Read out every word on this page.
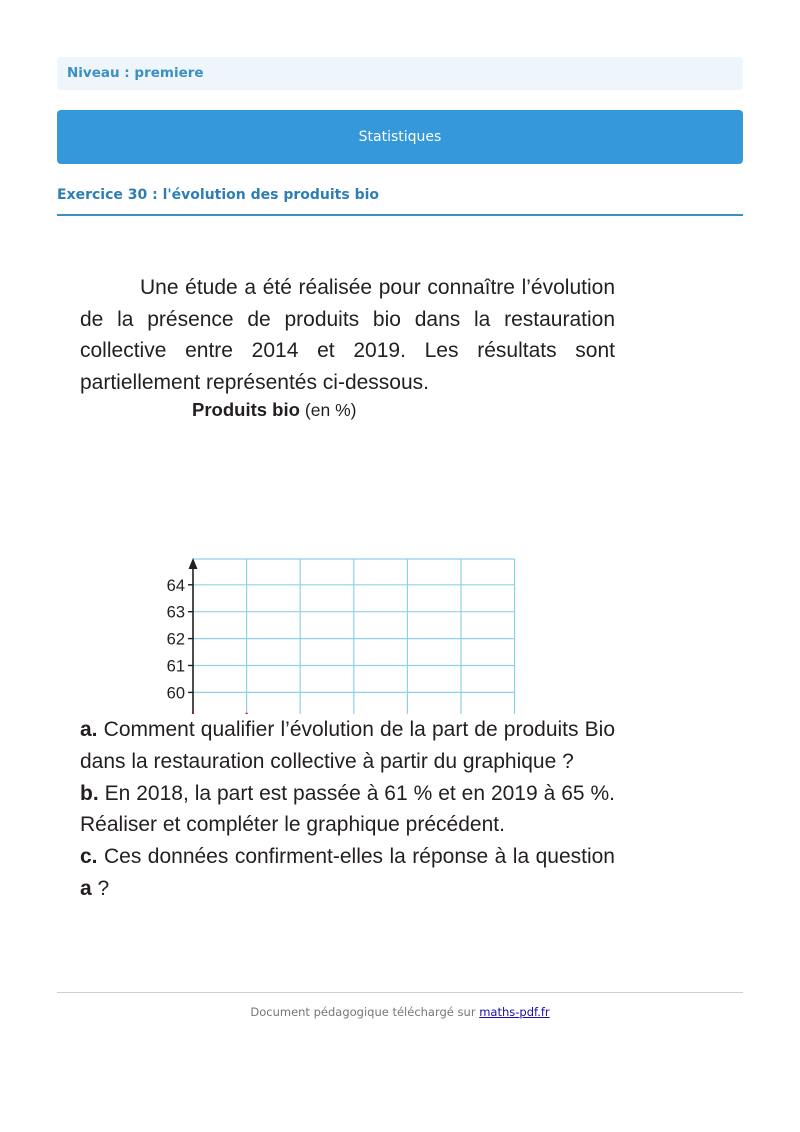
Niveau : premiere
Statistiques
Exercice 30 : l'évolution des produits bio

Une étude a été réalisée pour connaître l’évolution de la présence de produits bio dans la restauration collective entre 2014 et 2019. Les résultats sont partiellement représentés ci-dessous.

Produits bio (en %)
60
61
62
63
64

a. Comment qualifier l’évolution de la part de produits Bio dans la restauration collective à partir du graphique ?

b. En 2018, la part est passée à 61 % et en 2019 à 65 %. Réaliser et compléter le graphique précédent.

c. Ces données confirment-elles la réponse à la question a ?

Document pédagogique téléchargé sur maths-pdf.fr
